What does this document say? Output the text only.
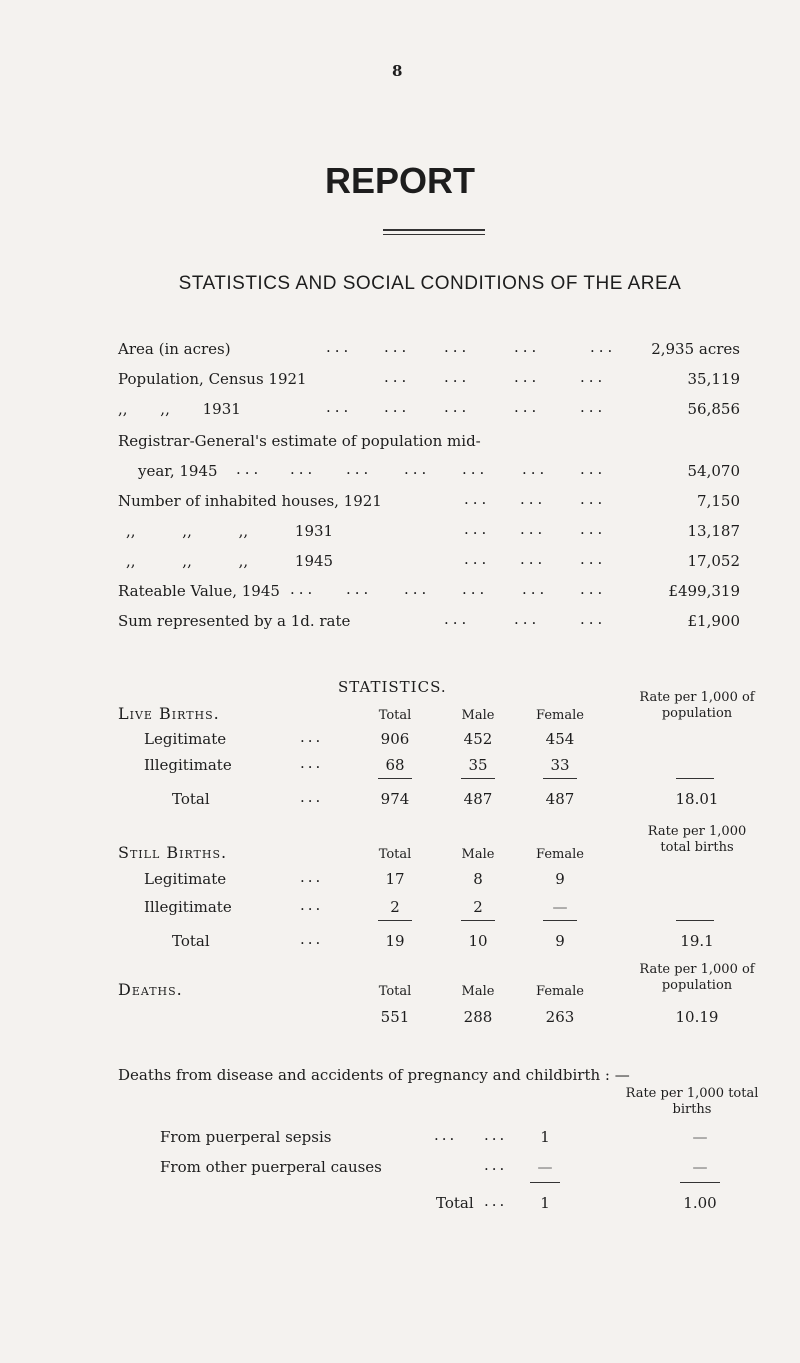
8
REPORT
STATISTICS AND SOCIAL CONDITIONS OF THE AREA
Area (in acres)	... ... ...	...	...	2,935 acres
Population, Census 1921	... ...	...	...	35,119
,, ,, 1931	... ... ...	...	...	56,856
Registrar-General's estimate of population mid-
year, 1945 ... ... ... ... ... ... ...	54,070
Number of inhabited houses, 1921	... ... ...	7,150
,, ,, ,, 1931	... ... ...	13,187
,, ,, ,, 1945	... ... ...	17,052
Rateable Value, 1945 ... ... ... ... ... ...	£499,319
Sum represented by a 1d. rate	...	...	...	£1,900
STATISTICS.
Live Births.	Total	Male	Female
Rate per 1,000 of population
Legitimate	...	906	452	454
Illegitimate	...	68	35	33
Total	...	974	487	487	18.01
Still Births.	Total	Male	Female
Rate per 1,000 total births
Legitimate	...	17	8	9
Illegitimate	...	2	2	—
Total	...	19	10	9	19.1
Deaths.	Total	Male	Female
Rate per 1,000 of population
551	288	263	10.19
Deaths from disease and accidents of pregnancy and childbirth : —
Rate per 1,000 total births
From puerperal sepsis	... ...	1	—
From other puerperal causes	...	—	—
Total ...	1	1.00
